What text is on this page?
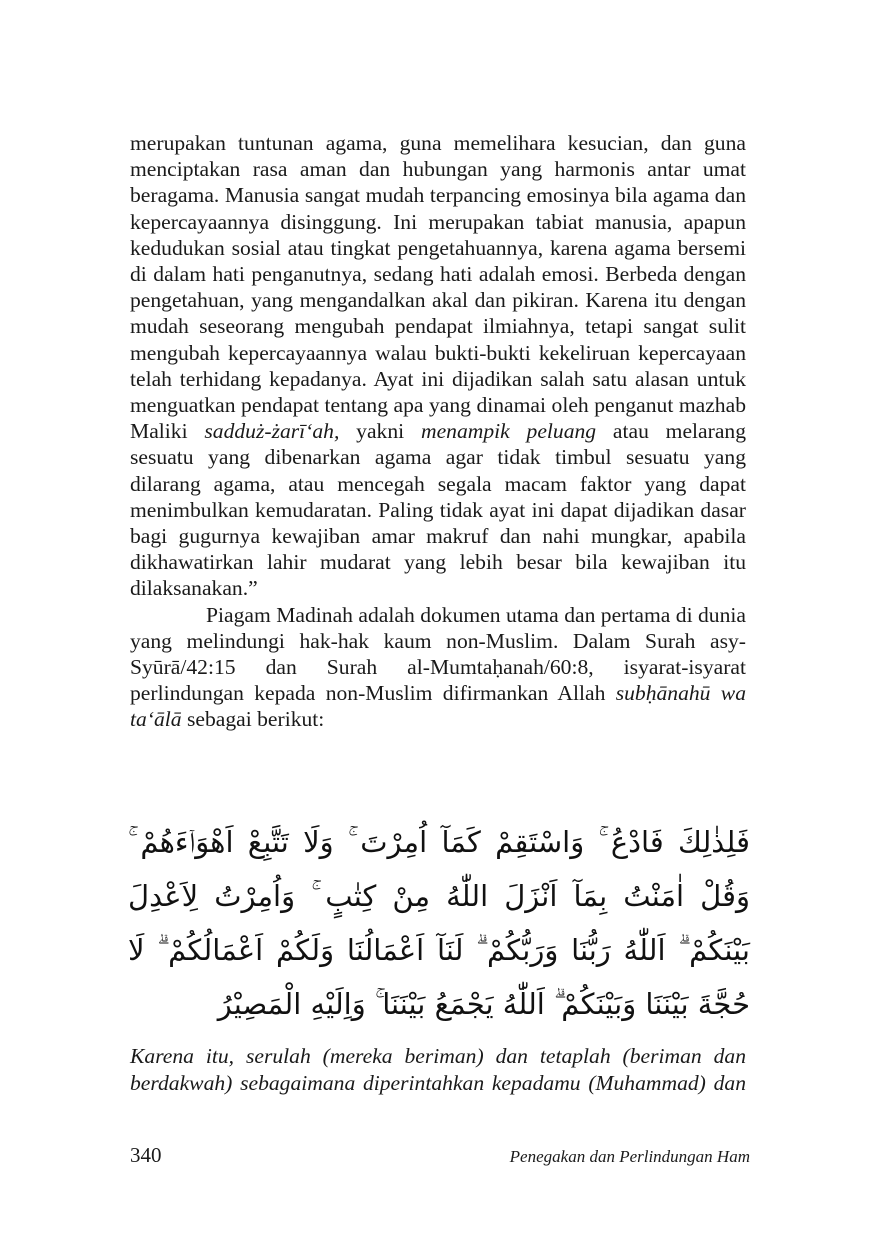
merupakan tuntunan agama, guna memelihara kesucian, dan guna menciptakan rasa aman dan hubungan yang harmonis antar umat beragama. Manusia sangat mudah terpancing emosinya bila agama dan kepercayaannya disinggung. Ini merupakan tabiat manusia, apapun kedudukan sosial atau tingkat pengetahuannya, karena agama bersemi di dalam hati penganutnya, sedang hati adalah emosi. Berbeda dengan pengetahuan, yang mengandalkan akal dan pikiran. Karena itu dengan mudah seseorang mengubah pendapat ilmiahnya, tetapi sangat sulit mengubah kepercayaannya walau bukti-bukti kekeliruan kepercayaan telah terhidang kepadanya. Ayat ini dijadikan salah satu alasan untuk menguatkan pendapat tentang apa yang dinamai oleh penganut mazhab Maliki sadduż-żarī‘ah, yakni menampik peluang atau melarang sesuatu yang dibenarkan agama agar tidak timbul sesuatu yang dilarang agama, atau mencegah segala macam faktor yang dapat menimbulkan kemudaratan. Paling tidak ayat ini dapat dijadikan dasar bagi gugurnya kewajiban amar makruf dan nahi mungkar, apabila dikhawatirkan lahir mudarat yang lebih besar bila kewajiban itu dilaksanakan.”

Piagam Madinah adalah dokumen utama dan pertama di dunia yang melindungi hak-hak kaum non-Muslim. Dalam Surah asy-Syūrā/42:15 dan Surah al-Mumtaḥanah/60:8, isyarat-isyarat perlindungan kepada non-Muslim difirmankan Allah subḥānahū wa ta‘ālā sebagai berikut:

فَلِذٰلِكَ فَادْعُ ۚ وَاسْتَقِمْ كَمَآ اُمِرْتَ ۚ وَلَا تَتَّبِعْ اَهْوَاۤءَهُمْ ۚ وَقُلْ اٰمَنْتُ بِمَآ اَنْزَلَ اللّٰهُ مِنْ كِتٰبٍ ۚ وَاُمِرْتُ لِاَعْدِلَ بَيْنَكُمْ ۗ اَللّٰهُ رَبُّنَا وَرَبُّكُمْ ۗ لَنَآ اَعْمَالُنَا وَلَكُمْ اَعْمَالُكُمْ ۗ لَا حُجَّةَ بَيْنَنَا وَبَيْنَكُمْ ۗ اَللّٰهُ يَجْمَعُ بَيْنَنَا ۚ وَاِلَيْهِ الْمَصِيْرُ

Karena itu, serulah (mereka beriman) dan tetaplah (beriman dan berdakwah) sebagaimana diperintahkan kepadamu (Muhammad) dan

340	Penegakan dan Perlindungan Ham
